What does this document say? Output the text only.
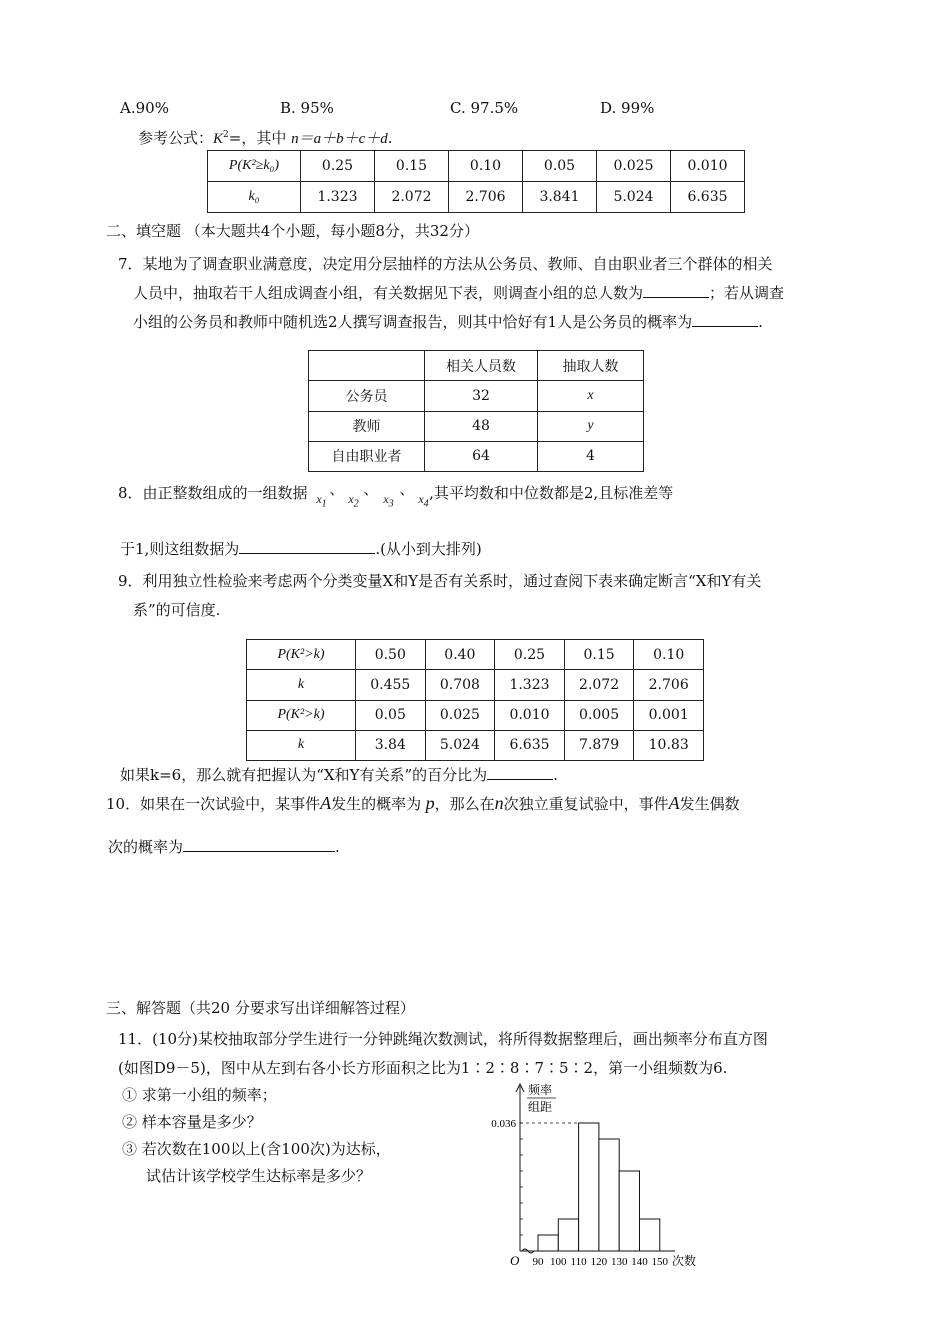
A.90%	B. 95%	C. 97.5%	D. 99%
参考公式：$K^2=$，其中 n＝a＋b＋c＋d.
P(K²≥k₀)	0.25	0.15	0.10	0.05	0.025	0.010
k₀	1.323	2.072	2.706	3.841	5.024	6.635
二、填空题 （本大题共4个小题，每小题8分，共32分）
7．某地为了调查职业满意度，决定用分层抽样的方法从公务员、教师、自由职业者三个群体的相关
人员中，抽取若干人组成调查小组，有关数据见下表，则调查小组的总人数为	；若从调查
小组的公务员和教师中随机选2人撰写调查报告，则其中恰好有1人是公务员的概率为	.
	相关人员数	抽取人数
公务员	32	x
教师	48	y
自由职业者	64	4
8．由正整数组成的一组数据 $x_1$
、
$x_2$
、
$x_3$
、
$x_4$
,其平均数和中位数都是2,且标准差等
于1,则这组数据为	.(从小到大排列)
9．利用独立性检验来考虑两个分类变量X和Y是否有关系时，通过查阅下表来确定断言“X和Y有关
系”的可信度.
P(K²>k)	0.50	0.40	0.25	0.15	0.10
k	0.455	0.708	1.323	2.072	2.706
P(K²>k)	0.05	0.025	0.010	0.005	0.001
k	3.84	5.024	6.635	7.879	10.83
如果k=6，那么就有把握认为“X和Y有关系”的百分比为	.
10．如果在一次试验中，某事件A发生的概率为 p，那么在n次独立重复试验中，事件A发生偶数
次的概率为	.
三、解答题（共20 分要求写出详细解答过程）
11．(10分)某校抽取部分学生进行一分钟跳绳次数测试，将所得数据整理后，画出频率分布直方图
(如图D9－5)，图中从左到右各小长方形面积之比为1∶2∶8∶7∶5∶2，第一小组频数为6.
① 求第一小组的频率；
② 样本容量是多少？
③ 若次数在100以上(含100次)为达标，
试估计该学校学生达标率是多少？
0.036
90 100 110 120 130 140 150
O	次数
频率
组距
